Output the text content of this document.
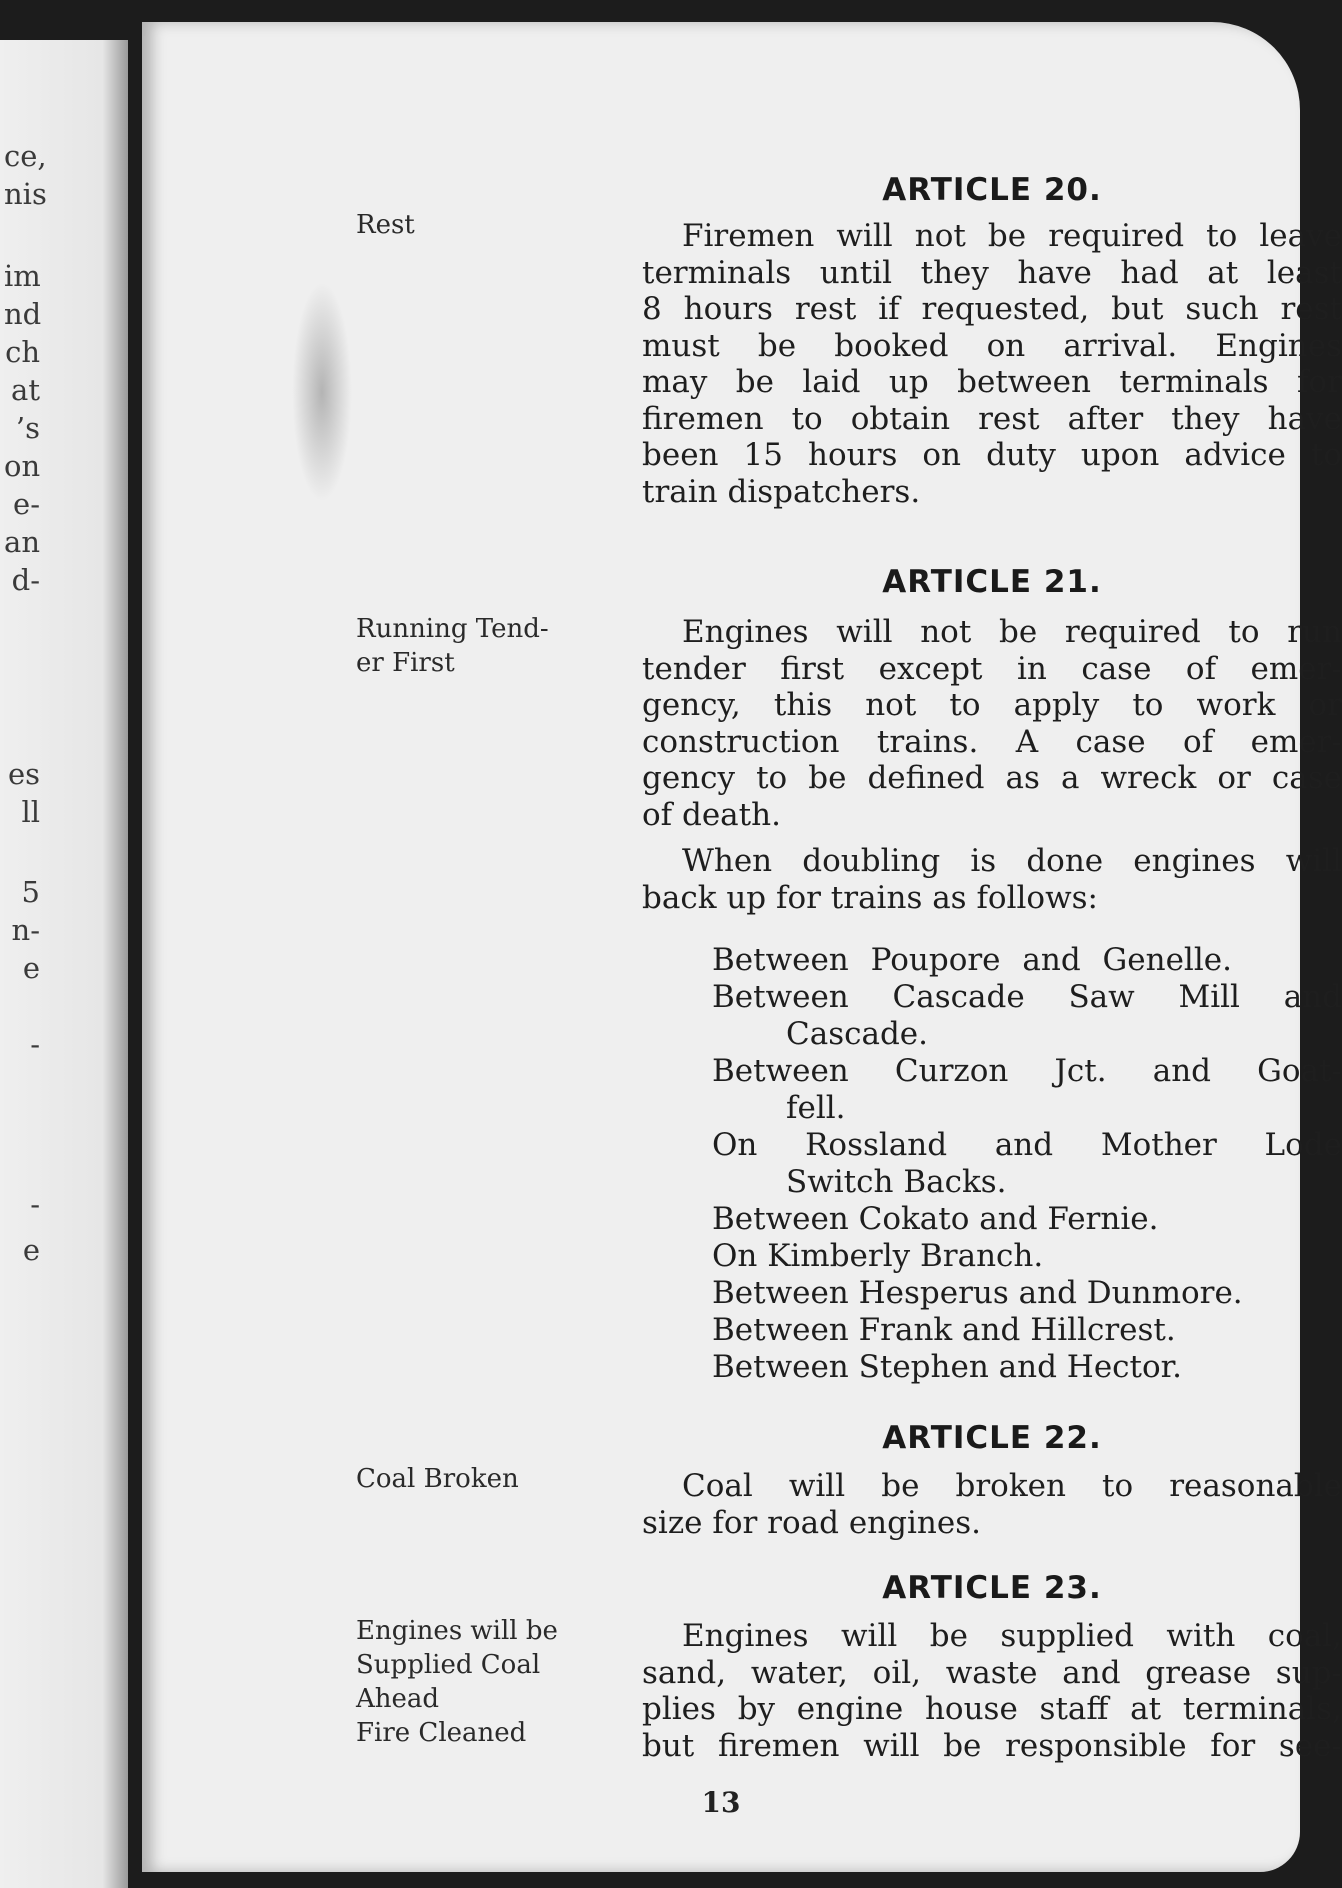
ce,
nis
im
nd
ch
at
’s
on
e-
an
d-
es
ll
5
n-
e
-
-
e
ARTICLE 20.
Rest	Firemen will not be required to leave
terminals until they have had at least
8 hours rest if requested, but such rest
must be booked on arrival. Engines
may be laid up between terminals for
firemen to obtain rest after they have
been 15 hours on duty upon advice to
train dispatchers.
ARTICLE 21.
Running Tend-
er First
Engines will not be required to run
tender first except in case of emer-
gency, this not to apply to work or
construction trains. A case of emer-
gency to be defined as a wreck or case
of death.
When doubling is done engines will
back up for trains as follows:
Between Poupore and Genelle.
Between Cascade Saw Mill and
Cascade.
Between Curzon Jct. and Goat-
fell.
On Rossland and Mother Lode
Switch Backs.
Between Cokato and Fernie.
On Kimberly Branch.
Between Hesperus and Dunmore.
Between Frank and Hillcrest.
Between Stephen and Hector.
ARTICLE 22.
Coal Broken	Coal will be broken to reasonable
size for road engines.
ARTICLE 23.
Engines will be
Supplied Coal
Ahead
Fire Cleaned
Engines will be supplied with coal,
sand, water, oil, waste and grease sup-
plies by engine house staff at terminals,
but firemen will be responsible for see-
13
